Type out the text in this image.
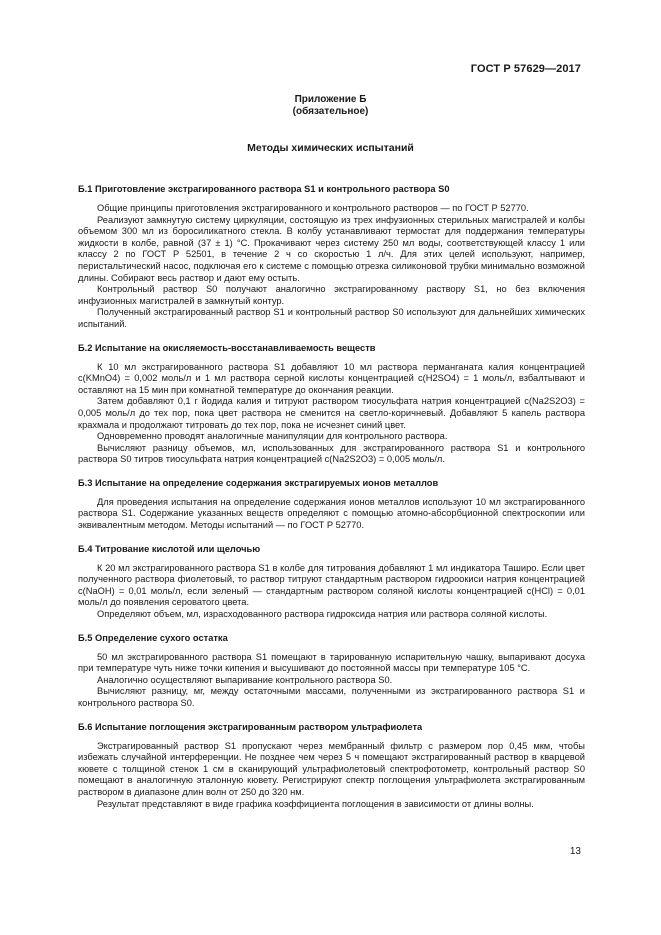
ГОСТ Р 57629—2017
Приложение Б
(обязательное)
Методы химических испытаний
Б.1 Приготовление экстрагированного раствора S1 и контрольного раствора S0

Общие принципы приготовления экстрагированного и контрольного растворов — по ГОСТ Р 52770.

Реализуют замкнутую систему циркуляции, состоящую из трех инфузионных стерильных магистралей и колбы объемом 300 мл из боросиликатного стекла. В колбу устанавливают термостат для поддержания температуры жидкости в колбе, равной (37 ± 1) °С. Прокачивают через систему 250 мл воды, соответствующей классу 1 или классу 2 по ГОСТ Р 52501, в течение 2 ч со скоростью 1 л/ч. Для этих целей используют, например, перистальтический насос, подключая его к системе с помощью отрезка силиконовой трубки минимально возможной длины. Собирают весь раствор и дают ему остыть.

Контрольный раствор S0 получают аналогично экстрагированному раствору S1, но без включения инфузионных магистралей в замкнутый контур.

Полученный экстрагированный раствор S1 и контрольный раствор S0 используют для дальнейших химических испытаний.

Б.2 Испытание на окисляемость-восстанавливаемость веществ

К 10 мл экстрагированного раствора S1 добавляют 10 мл раствора перманганата калия концентрацией c(KMnO4) = 0,002 моль/л и 1 мл раствора серной кислоты концентрацией c(H2SO4) = 1 моль/л, взбалтывают и оставляют на 15 мин при комнатной температуре до окончания реакции.

Затем добавляют 0,1 г йодида калия и титруют раствором тиосульфата натрия концентрацией c(Na2S2O3) = 0,005 моль/л до тех пор, пока цвет раствора не сменится на светло-коричневый. Добавляют 5 капель раствора крахмала и продолжают титровать до тех пор, пока не исчезнет синий цвет.

Одновременно проводят аналогичные манипуляции для контрольного раствора.

Вычисляют разницу объемов, мл, использованных для экстрагированного раствора S1 и контрольного раствора S0 титров тиосульфата натрия концентрацией c(Na2S2O3) = 0,005 моль/л.

Б.3 Испытание на определение содержания экстрагируемых ионов металлов

Для проведения испытания на определение содержания ионов металлов используют 10 мл экстрагированного раствора S1. Содержание указанных веществ определяют с помощью атомно-абсорбционной спектроскопии или эквивалентным методом. Методы испытаний — по ГОСТ Р 52770.

Б.4 Титрование кислотой или щелочью

К 20 мл экстрагированного раствора S1 в колбе для титрования добавляют 1 мл индикатора Таширо. Если цвет полученного раствора фиолетовый, то раствор титруют стандартным раствором гидроокиси натрия концентрацией c(NaOH) = 0,01 моль/л, если зеленый — стандартным раствором соляной кислоты концентрацией c(HCl) = 0,01 моль/л до появления сероватого цвета.

Определяют объем, мл, израсходованного раствора гидроксида натрия или раствора соляной кислоты.

Б.5 Определение сухого остатка

50 мл экстрагированного раствора S1 помещают в тарированную испарительную чашку, выпаривают досуха при температуре чуть ниже точки кипения и высушивают до постоянной массы при температуре 105 °С.

Аналогично осуществляют выпаривание контрольного раствора S0.

Вычисляют разницу, мг, между остаточными массами, полученными из экстрагированного раствора S1 и контрольного раствора S0.

Б.6 Испытание поглощения экстрагированным раствором ультрафиолета

Экстрагированный раствор S1 пропускают через мембранный фильтр с размером пор 0,45 мкм, чтобы избежать случайной интерференции. Не позднее чем через 5 ч помещают экстрагированный раствор в кварцевой кювете с толщиной стенок 1 см в сканирующий ультрафиолетовый спектрофотометр, контрольный раствор S0 помещают в аналогичную эталонную кювету. Регистрируют спектр поглощения ультрафиолета экстрагированным раствором в диапазоне длин волн от 250 до 320 нм.

Результат представляют в виде графика коэффициента поглощения в зависимости от длины волны.

13
